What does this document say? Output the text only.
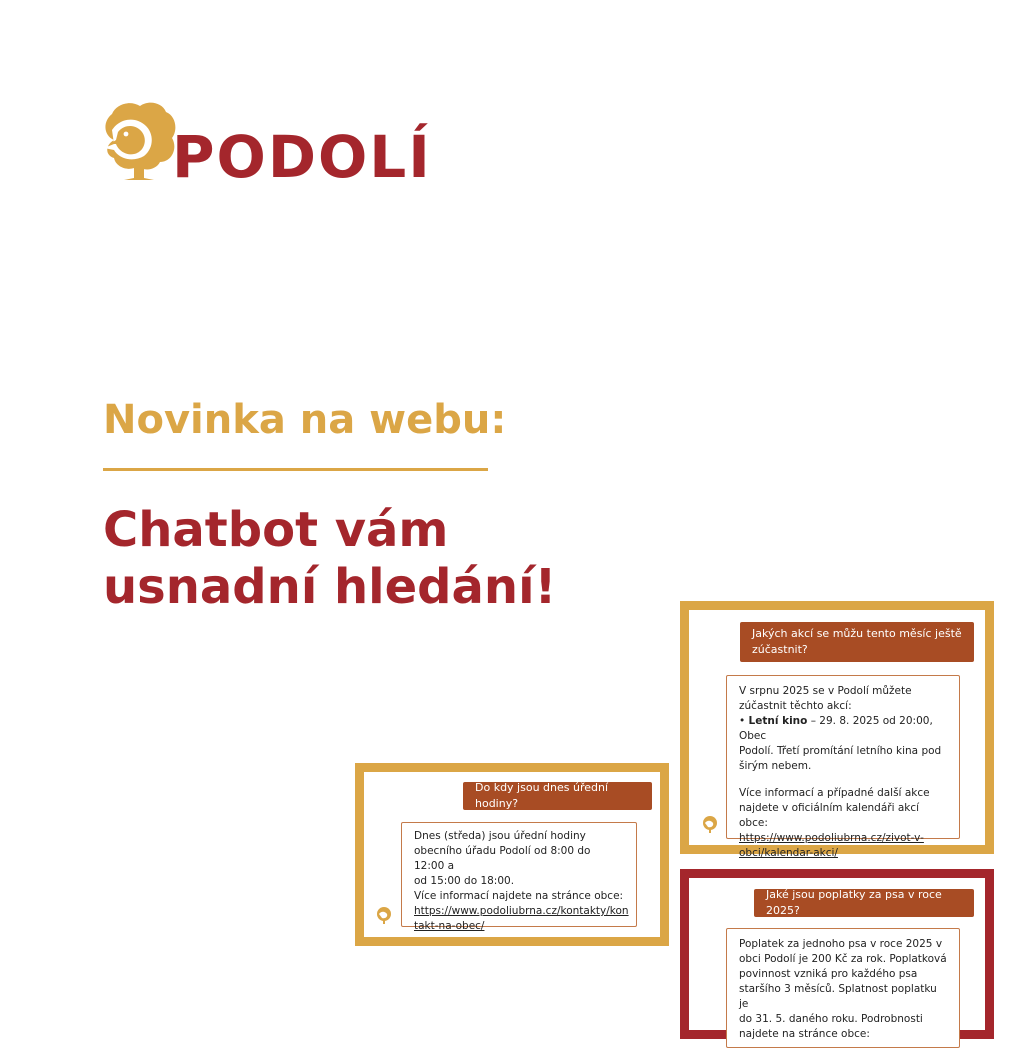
PODOLÍ
Novinka na webu:
Chatbot vám
usnadní hledání!
Do kdy jsou dnes úřední hodiny?

Dnes (středa) jsou úřední hodiny

obecního úřadu Podolí od 8:00 do 12:00 a

od 15:00 do 18:00.

Více informací najdete na stránce obce:

https://www.podoliubrna.cz/kontakty/kon

takt-na-obec/

Jakých akcí se můžu tento měsíc ještě
zúčastnit?

V srpnu 2025 se v Podolí můžete

zúčastnit těchto akcí:

• Letní kino – 29. 8. 2025 od 20:00, Obec

Podolí. Třetí promítání letního kina pod

širým nebem.

Více informací a případné další akce

najdete v oficiálním kalendáři akcí obce:

https://www.podoliubrna.cz/zivot-v-

obci/kalendar-akci/

Jaké jsou poplatky za psa v roce 2025?

Poplatek za jednoho psa v roce 2025 v

obci Podolí je 200 Kč za rok. Poplatková

povinnost vzniká pro každého psa

staršího 3 měsíců. Splatnost poplatku je

do 31. 5. daného roku. Podrobnosti

najdete na stránce obce:
